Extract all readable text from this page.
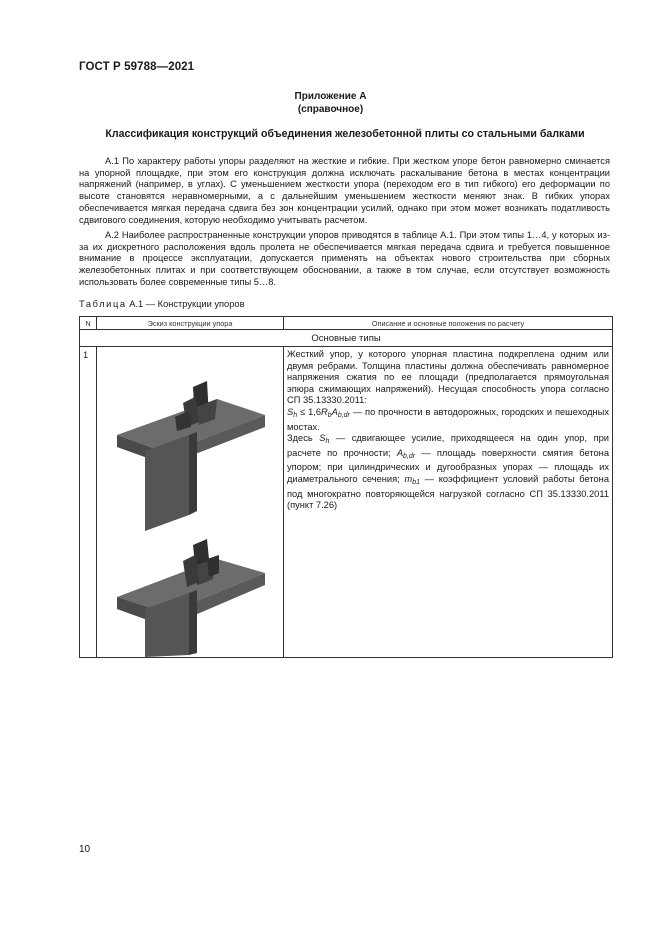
ГОСТ Р 59788—2021
Приложение А
(справочное)
Классификация конструкций объединения железобетонной плиты со стальными балками

А.1 По характеру работы упоры разделяют на жесткие и гибкие. При жестком упоре бетон равномерно сминается на упорной площадке, при этом его конструкция должна исключать раскалывание бетона в местах концентрации напряжений (например, в углах). С уменьшением жесткости упора (переходом его в тип гибкого) его деформации по высоте становятся неравномерными, а с дальнейшим уменьшением жесткости меняют знак. В гибких упорах обеспечивается мягкая передача сдвига без зон концентрации усилий, однако при этом может возникать податливость сдвигового соединения, которую необходимо учитывать расчетом.

А.2 Наиболее распространенные конструкции упоров приводятся в таблице А.1. При этом типы 1…4, у которых из-за их дискретного расположения вдоль пролета не обеспечивается мягкая передача сдвига и требуется повышенное внимание в процессе эксплуатации, допускается применять на объектах нового строительства при сборных железобетонных плитах и при соответствующем обосновании, а также в том случае, если отсутствует возможность использовать более современные типы 5…8.

Таблица А.1 — Конструкции упоров
N	Эскиз конструкции упора	Описание и основные положения по расчету
Основные типы		
1		Жесткий упор, у которого упорная пластина подкреплена одним или двумя ребрами. Толщина пластины должна обеспечивать равномерное напряжения сжатия по ее площади (предполагается прямоугольная эпюра сжимающих напряжений). Несущая способность упора согласно СП 35.13330.2011:
$S_h \le 1,6R_bA_{b,dr}$ — по прочности в автодорожных, городских и пешеходных мостах.
Здесь $S_h$ — сдвигающее усилие, приходящееся на один упор, при расчете по прочности; $A_{b,dr}$ — площадь поверхности смятия бетона упором; при цилиндрических и дугообразных упорах — площадь их диаметрального сечения; $m_{b1}$ — коэффициент условий работы бетона под многократно повторяющейся нагрузкой согласно СП 35.13330.2011 (пункт 7.26)
10
